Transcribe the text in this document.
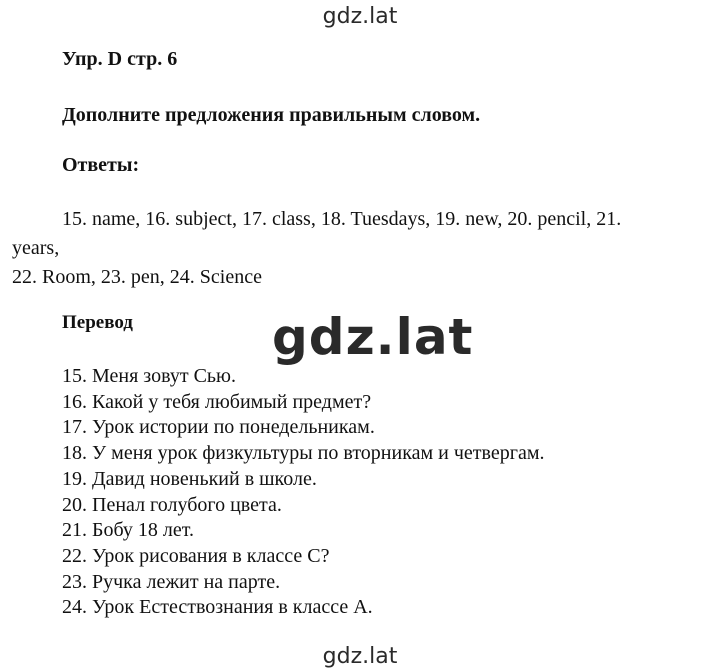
gdz.lat
Упр. D стр. 6
Дополните предложения правильным словом.
Ответы:
15. name, 16. subject, 17. class, 18. Tuesdays, 19. new, 20. pencil, 21.
years,
22. Room, 23. pen, 24. Science
Перевод	gdz.lat
15. Меня зовут Сью.
16. Какой у тебя любимый предмет?
17. Урок истории по понедельникам.
18. У меня урок физкультуры по вторникам и четвергам.
19. Давид новенький в школе.
20. Пенал голубого цвета.
21. Бобу 18 лет.
22. Урок рисования в классе С?
23. Ручка лежит на парте.
24. Урок Естествознания в классе А.
gdz.lat
